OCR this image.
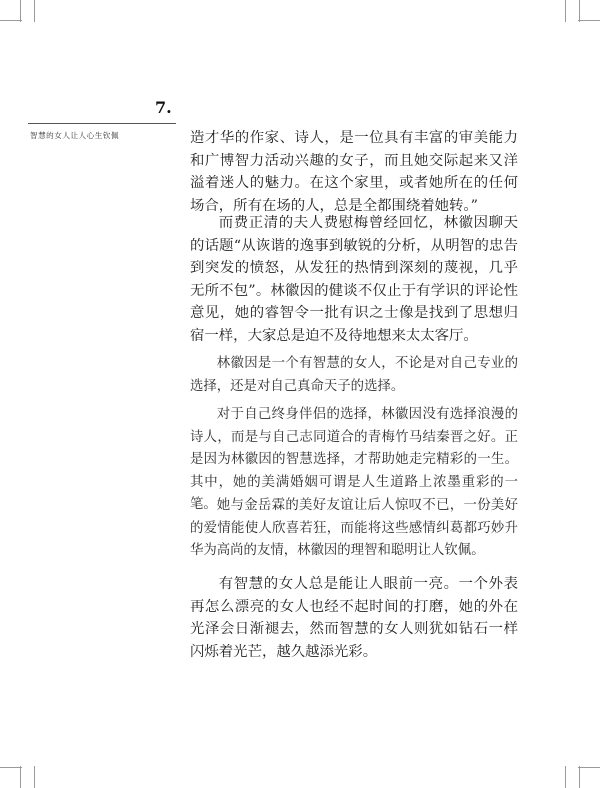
7.
智慧的女人让人心生钦佩	造才华的作家、诗人，是一位具有丰富的审美能力和广博智力活动兴趣的女子，而且她交际起来又洋溢着迷人的魅力。在这个家里，或者她所在的任何场合，所有在场的人，总是全都围绕着她转。”

而费正清的夫人费慰梅曾经回忆，林徽因聊天的话题“从诙谐的逸事到敏锐的分析，从明智的忠告到突发的愤怒，从发狂的热情到深刻的蔑视，几乎无所不包”。林徽因的健谈不仅止于有学识的评论性意见，她的睿智令一批有识之士像是找到了思想归宿一样，大家总是迫不及待地想来太太客厅。

林徽因是一个有智慧的女人，不论是对自己专业的选择，还是对自己真命天子的选择。

对于自己终身伴侣的选择，林徽因没有选择浪漫的诗人，而是与自己志同道合的青梅竹马结秦晋之好。正是因为林徽因的智慧选择，才帮助她走完精彩的一生。其中，她的美满婚姻可谓是人生道路上浓墨重彩的一笔。 她与金岳霖的美好友谊让后人惊叹不已，一份美好的爱情能使人欣喜若狂，而能将这些感情纠葛都巧妙升华为高尚的友情，林徽因的理智和聪明让人钦佩。

有智慧的女人总是能让人眼前一亮。一个外表再怎么漂亮的女人也经不起时间的打磨，她的外在光泽会日渐褪去，然而智慧的女人则犹如钻石一样闪烁着光芒，越久越添光彩。
